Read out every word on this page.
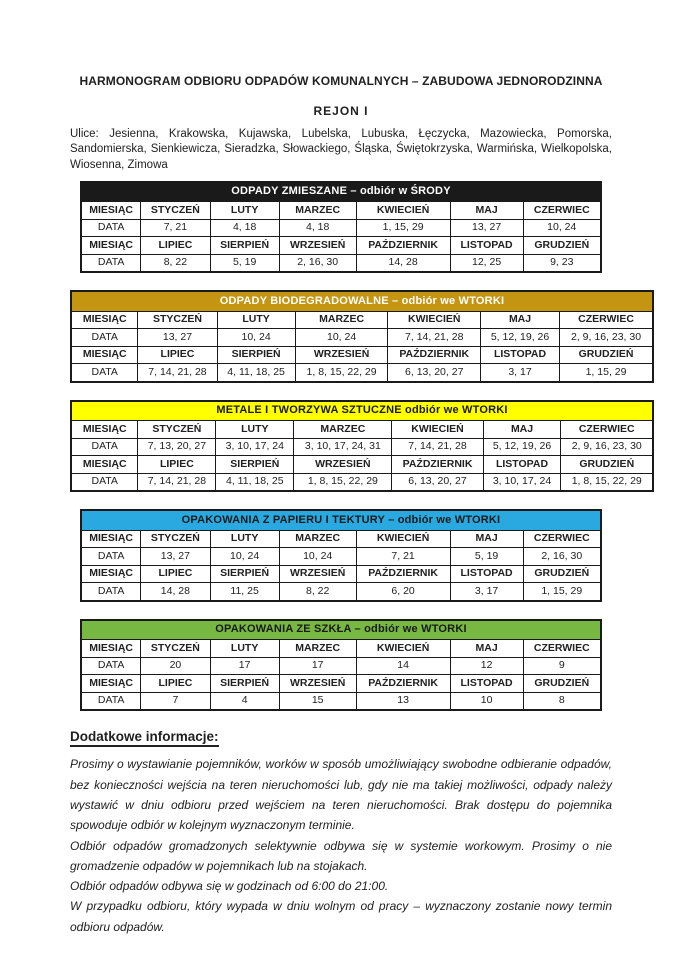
HARMONOGRAM ODBIORU ODPADÓW KOMUNALNYCH – ZABUDOWA JEDNORODZINNA
REJON I

Ulice: Jesienna, Krakowska, Kujawska, Lubelska, Lubuska, Łęczycka, Mazowiecka, Pomorska, Sandomierska, Sienkiewicza, Sieradzka, Słowackiego, Śląska, Świętokrzyska, Warmińska, Wielkopolska, Wiosenna, Zimowa

ODPADY ZMIESZANE – odbiór w ŚRODY						
MIESIĄC	STYCZEŃ	LUTY	MARZEC	KWIECIEŃ	MAJ	CZERWIEC
DATA	7, 21	4, 18	4, 18	1, 15, 29	13, 27	10, 24
MIESIĄC	LIPIEC	SIERPIEŃ	WRZESIEŃ	PAŹDZIERNIK	LISTOPAD	GRUDZIEŃ
DATA	8, 22	5, 19	2, 16, 30	14, 28	12, 25	9, 23
ODPADY BIODEGRADOWALNE – odbiór we WTORKI						
MIESIĄC	STYCZEŃ	LUTY	MARZEC	KWIECIEŃ	MAJ	CZERWIEC
DATA	13, 27	10, 24	10, 24	7, 14, 21, 28	5, 12, 19, 26	2, 9, 16, 23, 30
MIESIĄC	LIPIEC	SIERPIEŃ	WRZESIEŃ	PAŹDZIERNIK	LISTOPAD	GRUDZIEŃ
DATA	7, 14, 21, 28	4, 11, 18, 25	1, 8, 15, 22, 29	6, 13, 20, 27	3, 17	1, 15, 29
METALE I TWORZYWA SZTUCZNE odbiór we WTORKI						
MIESIĄC	STYCZEŃ	LUTY	MARZEC	KWIECIEŃ	MAJ	CZERWIEC
DATA	7, 13, 20, 27	3, 10, 17, 24	3, 10, 17, 24, 31	7, 14, 21, 28	5, 12, 19, 26	2, 9, 16, 23, 30
MIESIĄC	LIPIEC	SIERPIEŃ	WRZESIEŃ	PAŹDZIERNIK	LISTOPAD	GRUDZIEŃ
DATA	7, 14, 21, 28	4, 11, 18, 25	1, 8, 15, 22, 29	6, 13, 20, 27	3, 10, 17, 24	1, 8, 15, 22, 29
OPAKOWANIA Z PAPIERU I TEKTURY – odbiór we WTORKI						
MIESIĄC	STYCZEŃ	LUTY	MARZEC	KWIECIEŃ	MAJ	CZERWIEC
DATA	13, 27	10, 24	10, 24	7, 21	5, 19	2, 16, 30
MIESIĄC	LIPIEC	SIERPIEŃ	WRZESIEŃ	PAŹDZIERNIK	LISTOPAD	GRUDZIEŃ
DATA	14, 28	11, 25	8, 22	6, 20	3, 17	1, 15, 29
OPAKOWANIA ZE SZKŁA – odbiór we WTORKI						
MIESIĄC	STYCZEŃ	LUTY	MARZEC	KWIECIEŃ	MAJ	CZERWIEC
DATA	20	17	17	14	12	9
MIESIĄC	LIPIEC	SIERPIEŃ	WRZESIEŃ	PAŹDZIERNIK	LISTOPAD	GRUDZIEŃ
DATA	7	4	15	13	10	8
Dodatkowe informacje:

Prosimy o wystawianie pojemników, worków w sposób umożliwiający swobodne odbieranie odpadów, bez konieczności wejścia na teren nieruchomości lub, gdy nie ma takiej możliwości, odpady należy wystawić w dniu odbioru przed wejściem na teren nieruchomości. Brak dostępu do pojemnika spowoduje odbiór w kolejnym wyznaczonym terminie.

Odbiór odpadów gromadzonych selektywnie odbywa się w systemie workowym. Prosimy o nie gromadzenie odpadów w pojemnikach lub na stojakach.

Odbiór odpadów odbywa się w godzinach od 6:00 do 21:00.

W przypadku odbioru, który wypada w dniu wolnym od pracy – wyznaczony zostanie nowy termin odbioru odpadów.
